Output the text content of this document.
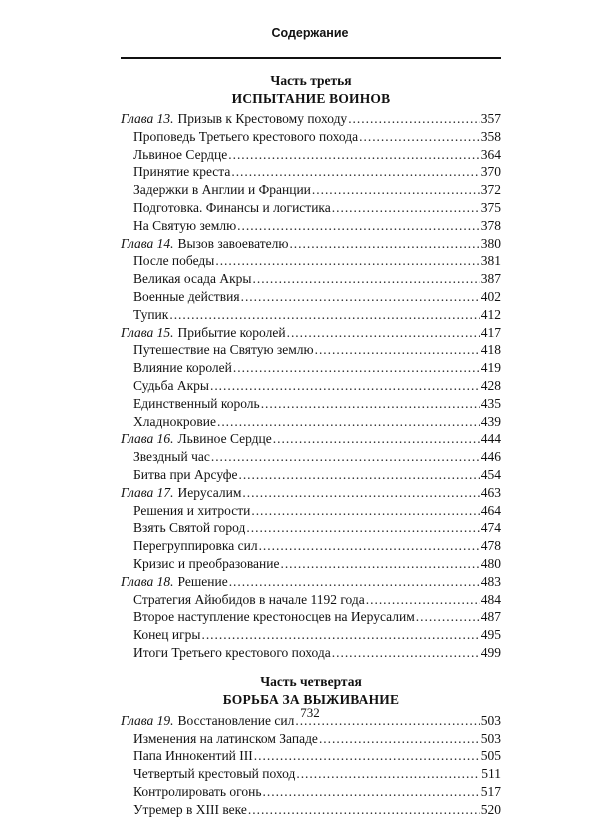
Содержание
Часть третья
ИСПЫТАНИЕ ВОИНОВ
Глава 13. Призыв к Крестовому походу . . .	357
Проповедь Третьего крестового похода . . .	358
Львиное Сердце . . .	364
Принятие креста . . .	370
Задержки в Англии и Франции . . .	372
Подготовка. Финансы и логистика . . .	375
На Святую землю . . .	378
Глава 14. Вызов завоевателю . . .	380
После победы . . .	381
Великая осада Акры . . .	387
Военные действия . . .	402
Тупик . . .	412
Глава 15. Прибытие королей . . .	417
Путешествие на Святую землю . . .	418
Влияние королей . . .	419
Судьба Акры . . .	428
Единственный король . . .	435
Хладнокровие . . .	439
Глава 16. Львиное Сердце . . .	444
Звездный час . . .	446
Битва при Арсуфе . . .	454
Глава 17. Иерусалим . . .	463
Решения и хитрости . . .	464
Взять Святой город . . .	474
Перегруппировка сил . . .	478
Кризис и преобразование . . .	480
Глава 18. Решение . . .	483
Стратегия Айюбидов в начале 1192 года . . .	484
Второе наступление крестоносцев на Иерусалим . . .	487
Конец игры . . .	495
Итоги Третьего крестового похода . . .	499
Часть четвертая
БОРЬБА ЗА ВЫЖИВАНИЕ
Глава 19. Восстановление сил . . .	503
Изменения на латинском Западе . . .	503
Папа Иннокентий III . . .	505
Четвертый крестовый поход . . .	511
Контролировать огонь . . .	517
Утремер в XIII веке . . .	520
732
